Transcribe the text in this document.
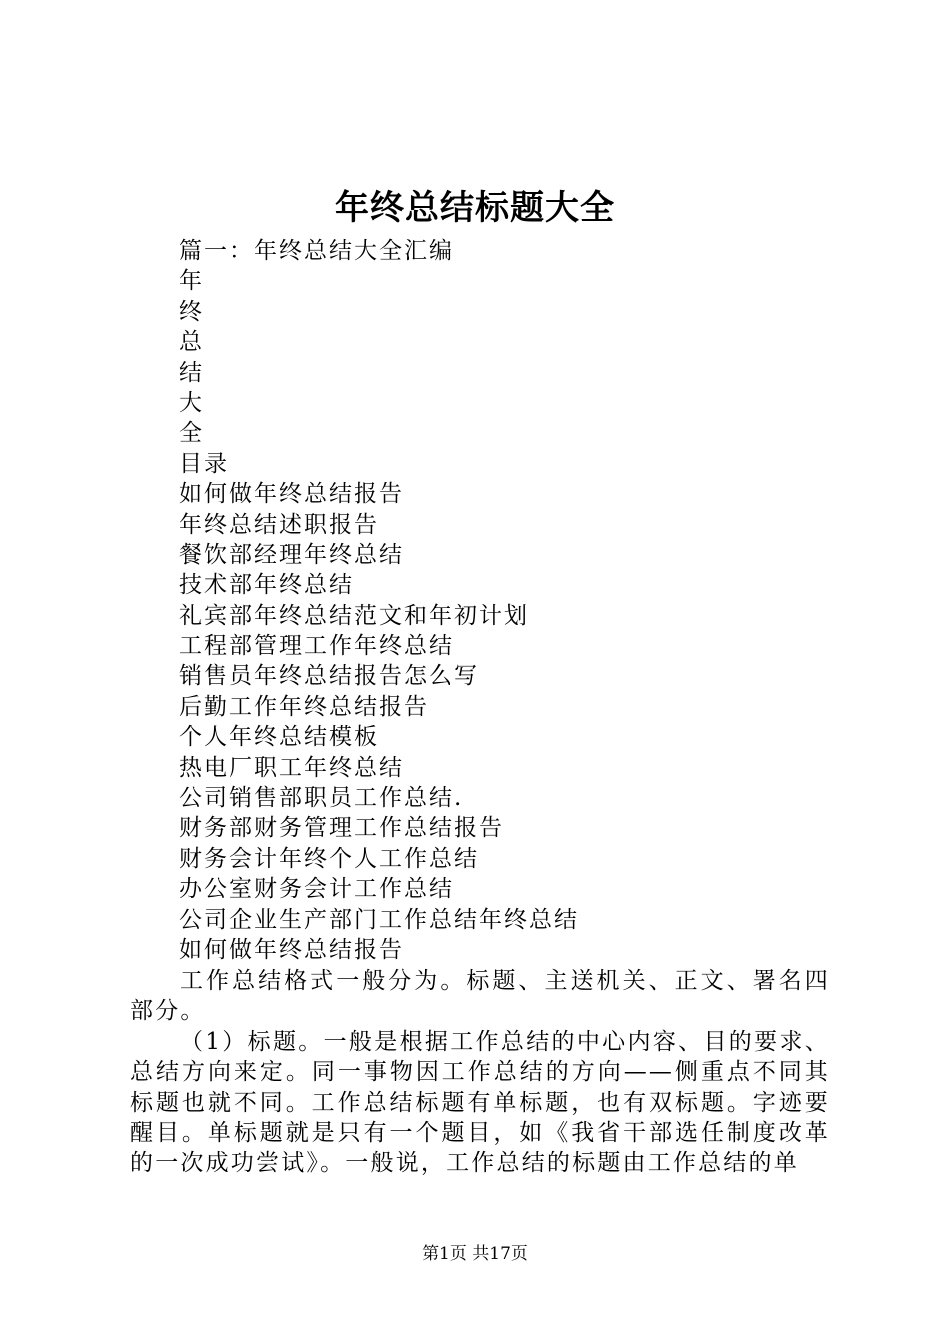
年终总结标题大全
篇一：年终总结大全汇编
年
终
总
结
大
全
目录
如何做年终总结报告
年终总结述职报告
餐饮部经理年终总结
技术部年终总结
礼宾部年终总结范文和年初计划
工程部管理工作年终总结
销售员年终总结报告怎么写
后勤工作年终总结报告
个人年终总结模板
热电厂职工年终总结
公司销售部职员工作总结.
财务部财务管理工作总结报告
财务会计年终个人工作总结
办公室财务会计工作总结
公司企业生产部门工作总结年终总结
如何做年终总结报告

工作总结格式一般分为。标题、主送机关、正文、署名四部分。

（1）标题。一般是根据工作总结的中心内容、目的要求、总结方向来定。同一事物因工作总结的方向——侧重点不同其标题也就不同。工作总结标题有单标题，也有双标题。字迹要醒目。单标题就是只有一个题目，如《我省干部选任制度改革的一次成功尝试》。一般说，工作总结的标题由工作总结的单

第1页 共17页
